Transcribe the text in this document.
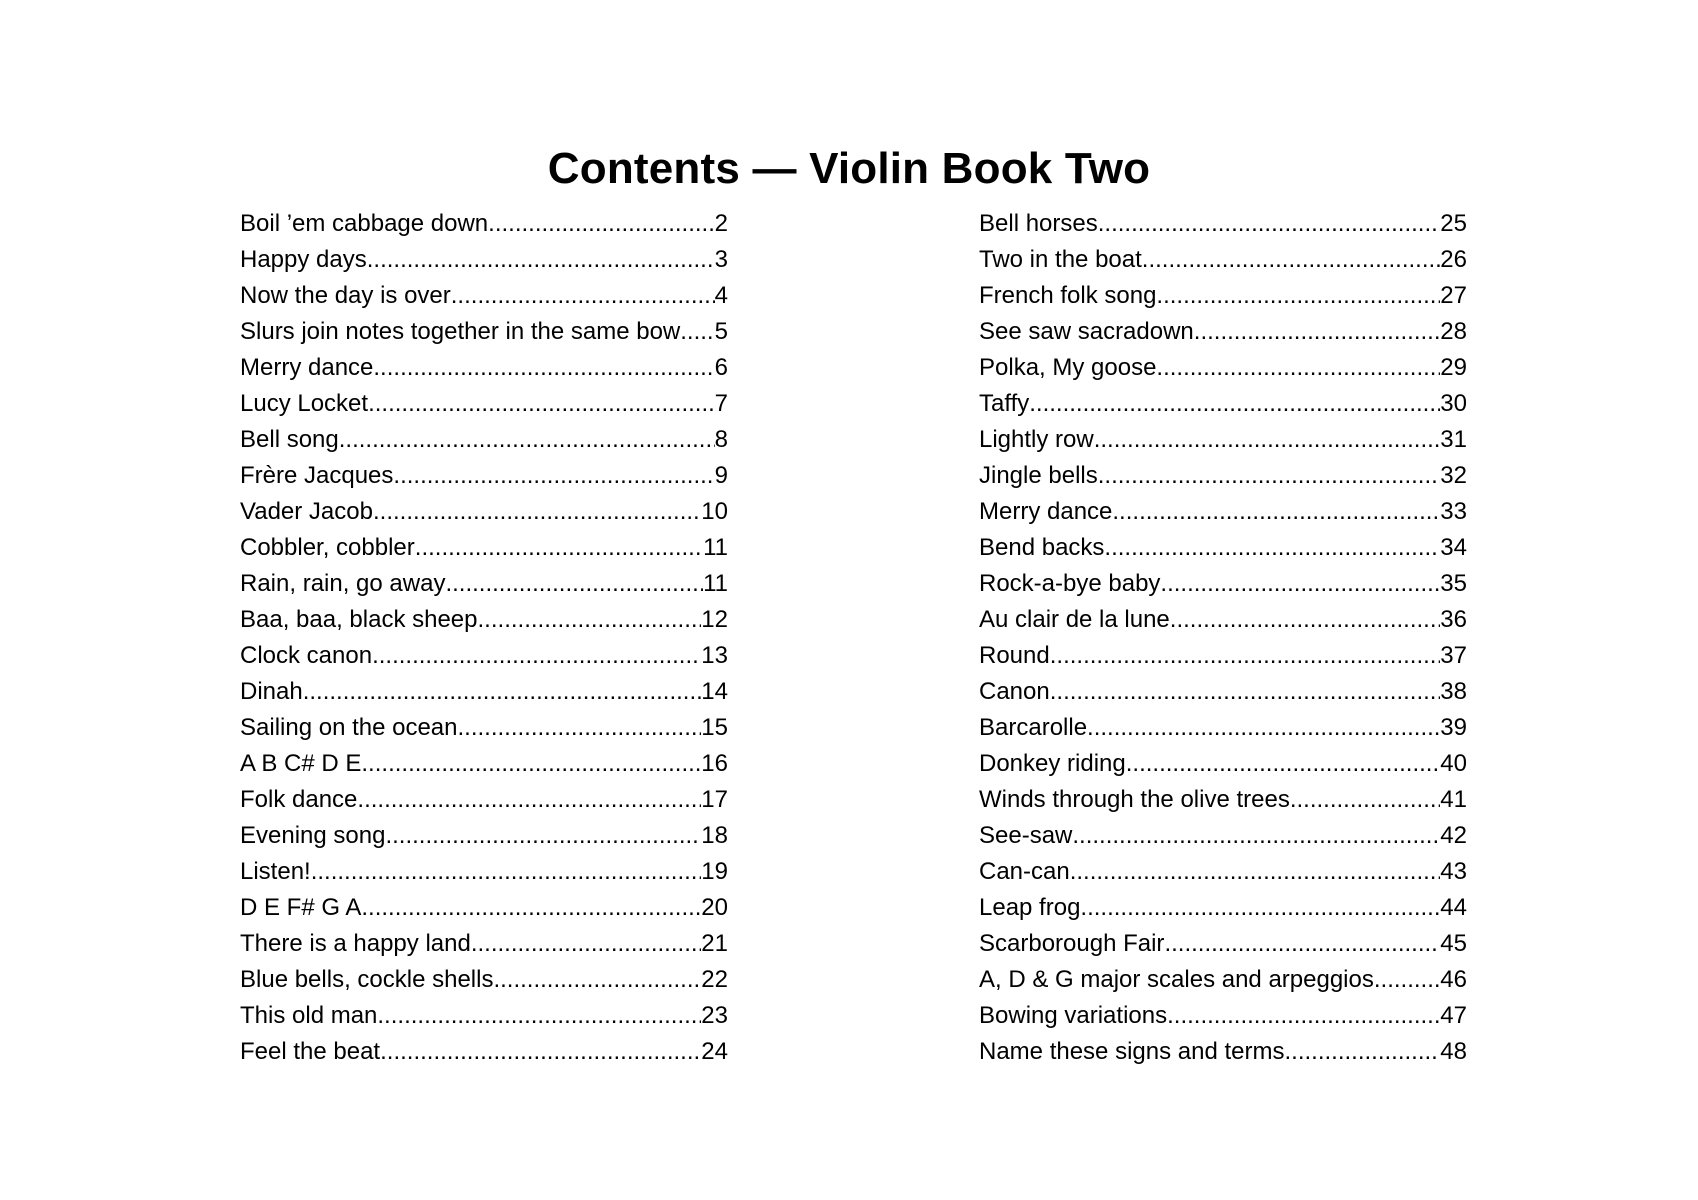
Contents — Violin Book Two
Boil ’em cabbage down .....	2
Happy days .....	3
Now the day is over .....	4
Slurs join notes together in the same bow ..... 5
Merry dance .....	6
Lucy Locket .....	7
Bell song .....	8
Frère Jacques .....	9
Vader Jacob .....	10
Cobbler, cobbler .....	11
Rain, rain, go away .....	11
Baa, baa, black sheep .....	12
Clock canon .....	13
Dinah .....	14
Sailing on the ocean .....	15
A B C# D E .....	16
Folk dance .....	17
Evening song .....	18
Listen! .....	19
D E F# G A .....	20
There is a happy land .....	21
Blue bells, cockle shells .....	22
This old man .....	23
Feel the beat .....	24
Bell horses .....	25
Two in the boat .....	26
French folk song .....	27
See saw sacradown .....	28
Polka, My goose .....	29
Taffy .....	30
Lightly row .....	31
Jingle bells .....	32
Merry dance .....	33
Bend backs .....	34
Rock-a-bye baby .....	35
Au clair de la lune .....	36
Round .....	37
Canon .....	38
Barcarolle .....	39
Donkey riding .....	40
Winds through the olive trees .....	41
See-saw .....	42
Can-can .....	43
Leap frog .....	44
Scarborough Fair .....	45
A, D & G major scales and arpeggios .....	46
Bowing variations .....	47
Name these signs and terms .....	48
